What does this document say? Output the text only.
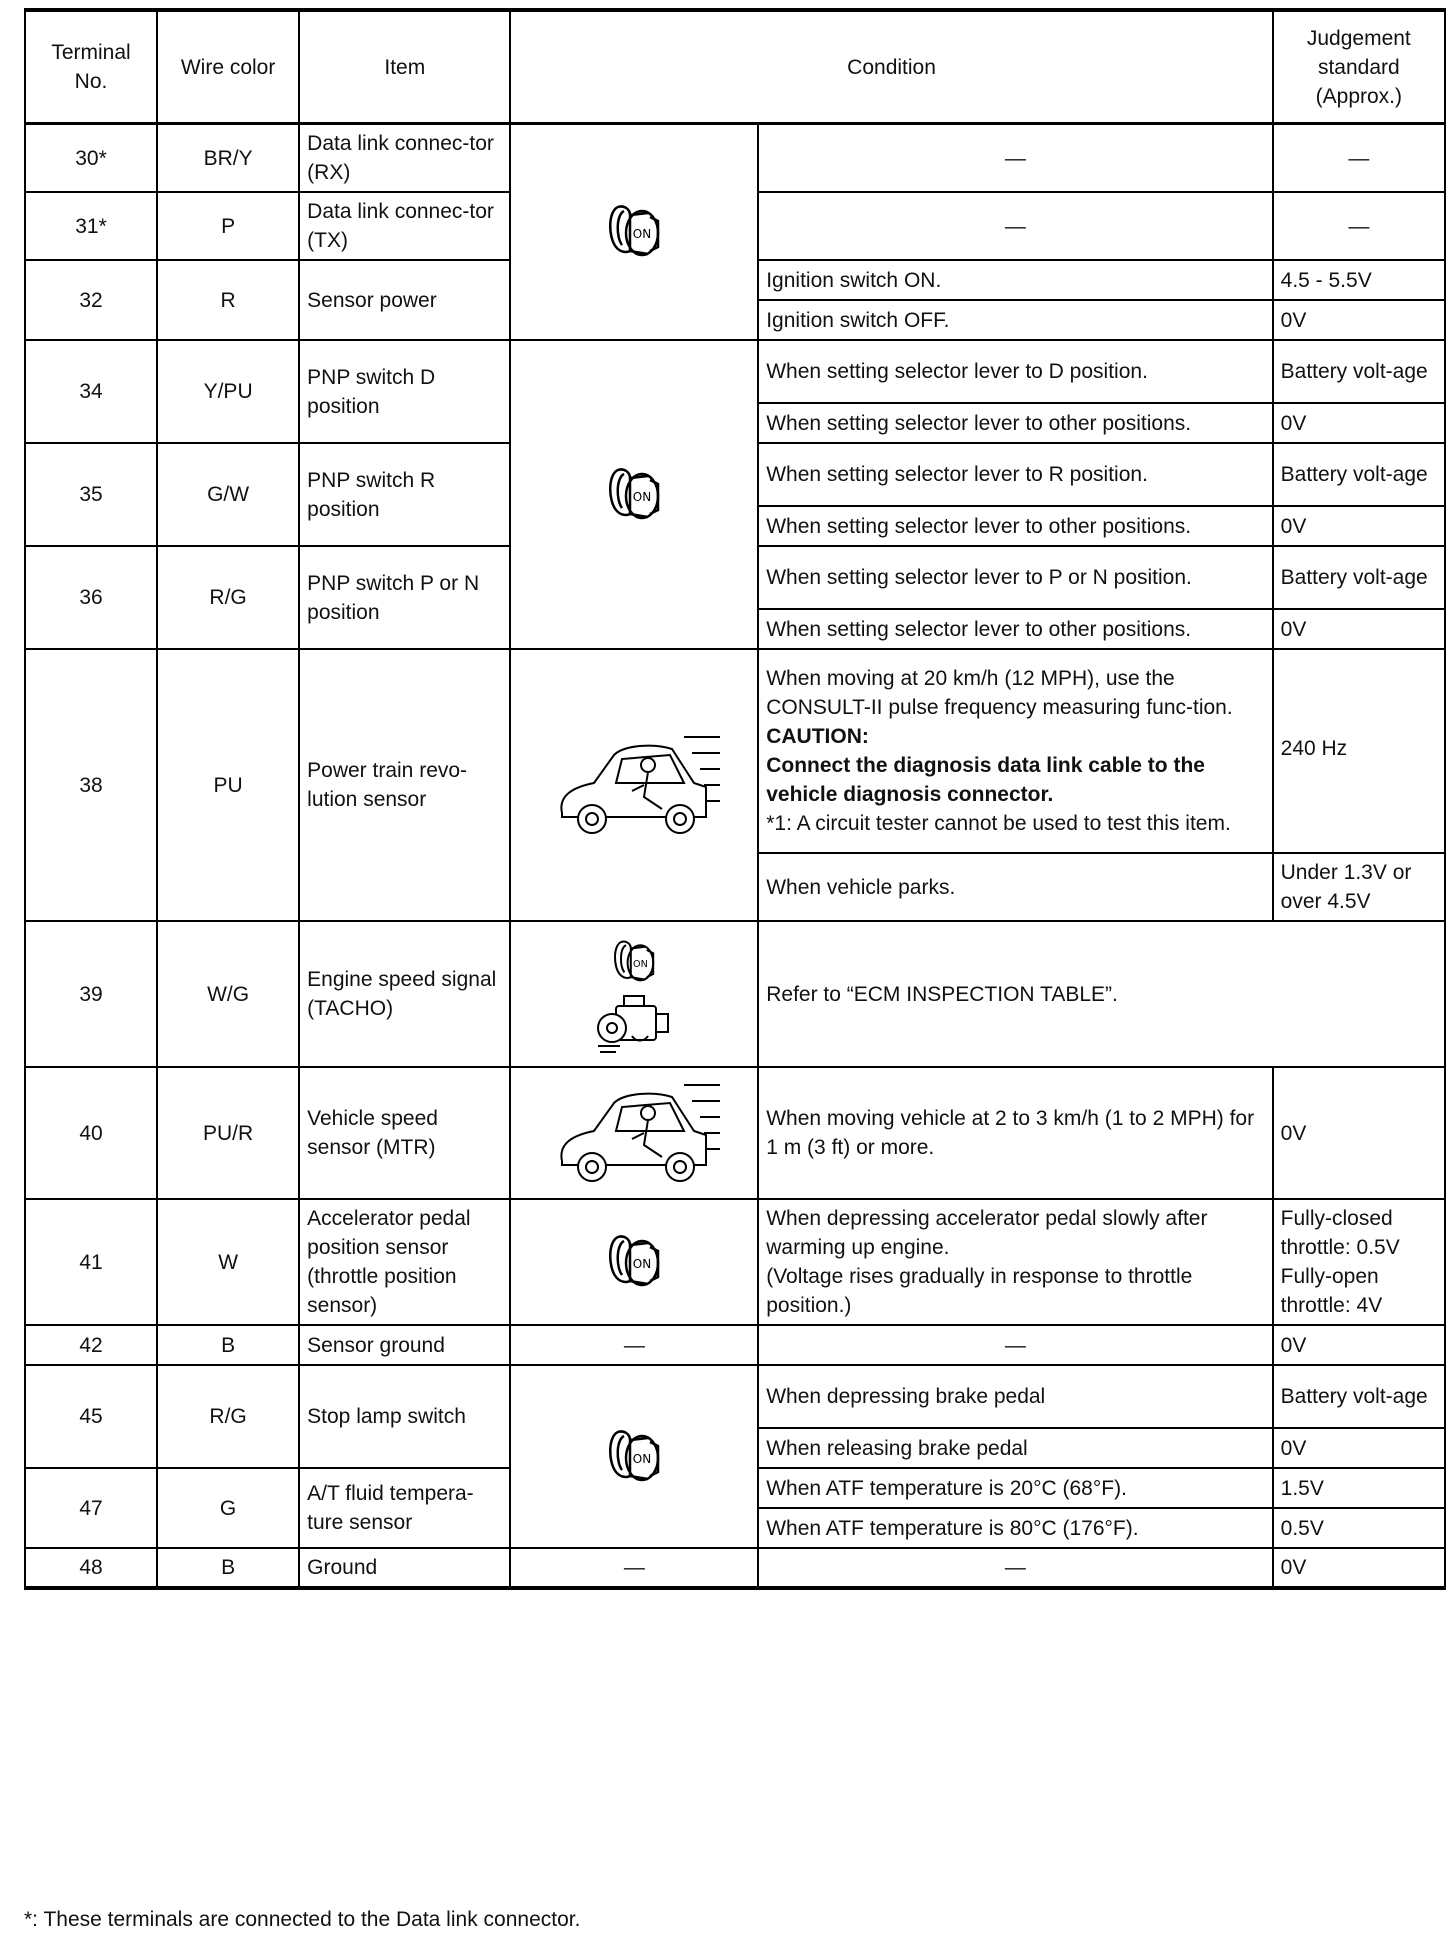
Terminal
No.	Wire color	Item	Condition		Judgement
standard
(Approx.)

30*	BR/Y	Data link connec-tor (RX)	ON	—	—
31*	P	Data link connec-tor (TX)		—	—
32	R	Sensor power		Ignition switch ON.	4.5 - 5.5V
				Ignition switch OFF.	0V
34	Y/PU	PNP switch D position	ON	When setting selector lever to D position.	Battery volt-age
				When setting selector lever to other positions.	0V
35	G/W	PNP switch R position		When setting selector lever to R position.	Battery volt-age
				When setting selector lever to other positions.	0V
36	R/G	PNP switch P or N position		When setting selector lever to P or N position.	Battery volt-age
				When setting selector lever to other positions.	0V
38	PU	Power train revo-lution sensor		When moving at 20 km/h (12 MPH), use the CONSULT-II pulse frequency measuring func-tion.
CAUTION:
Connect the diagnosis data link cable to the vehicle diagnosis connector.
*1: A circuit tester cannot be used to test this item.	240 Hz
				When vehicle parks.	Under 1.3V or over 4.5V
39	W/G	Engine speed signal (TACHO)	ON	Refer to “ECM INSPECTION TABLE”.	
40	PU/R	Vehicle speed sensor (MTR)		When moving vehicle at 2 to 3 km/h (1 to 2 MPH) for 1 m (3 ft) or more.	0V
41	W	Accelerator pedal position sensor (throttle position sensor)	ON	When depressing accelerator pedal slowly after warming up engine.
(Voltage rises gradually in response to throttle position.)	Fully-closed throttle: 0.5V
Fully-open throttle: 4V

42	B	Sensor ground	—	—	0V
45	R/G	Stop lamp switch	ON	When depressing brake pedal	Battery volt-age
				When releasing brake pedal	0V
47	G	A/T fluid tempera-ture sensor		When ATF temperature is 20°C (68°F).	1.5V
				When ATF temperature is 80°C (176°F).	0.5V
48	B	Ground	—	—	0V
*: These terminals are connected to the Data link connector.
